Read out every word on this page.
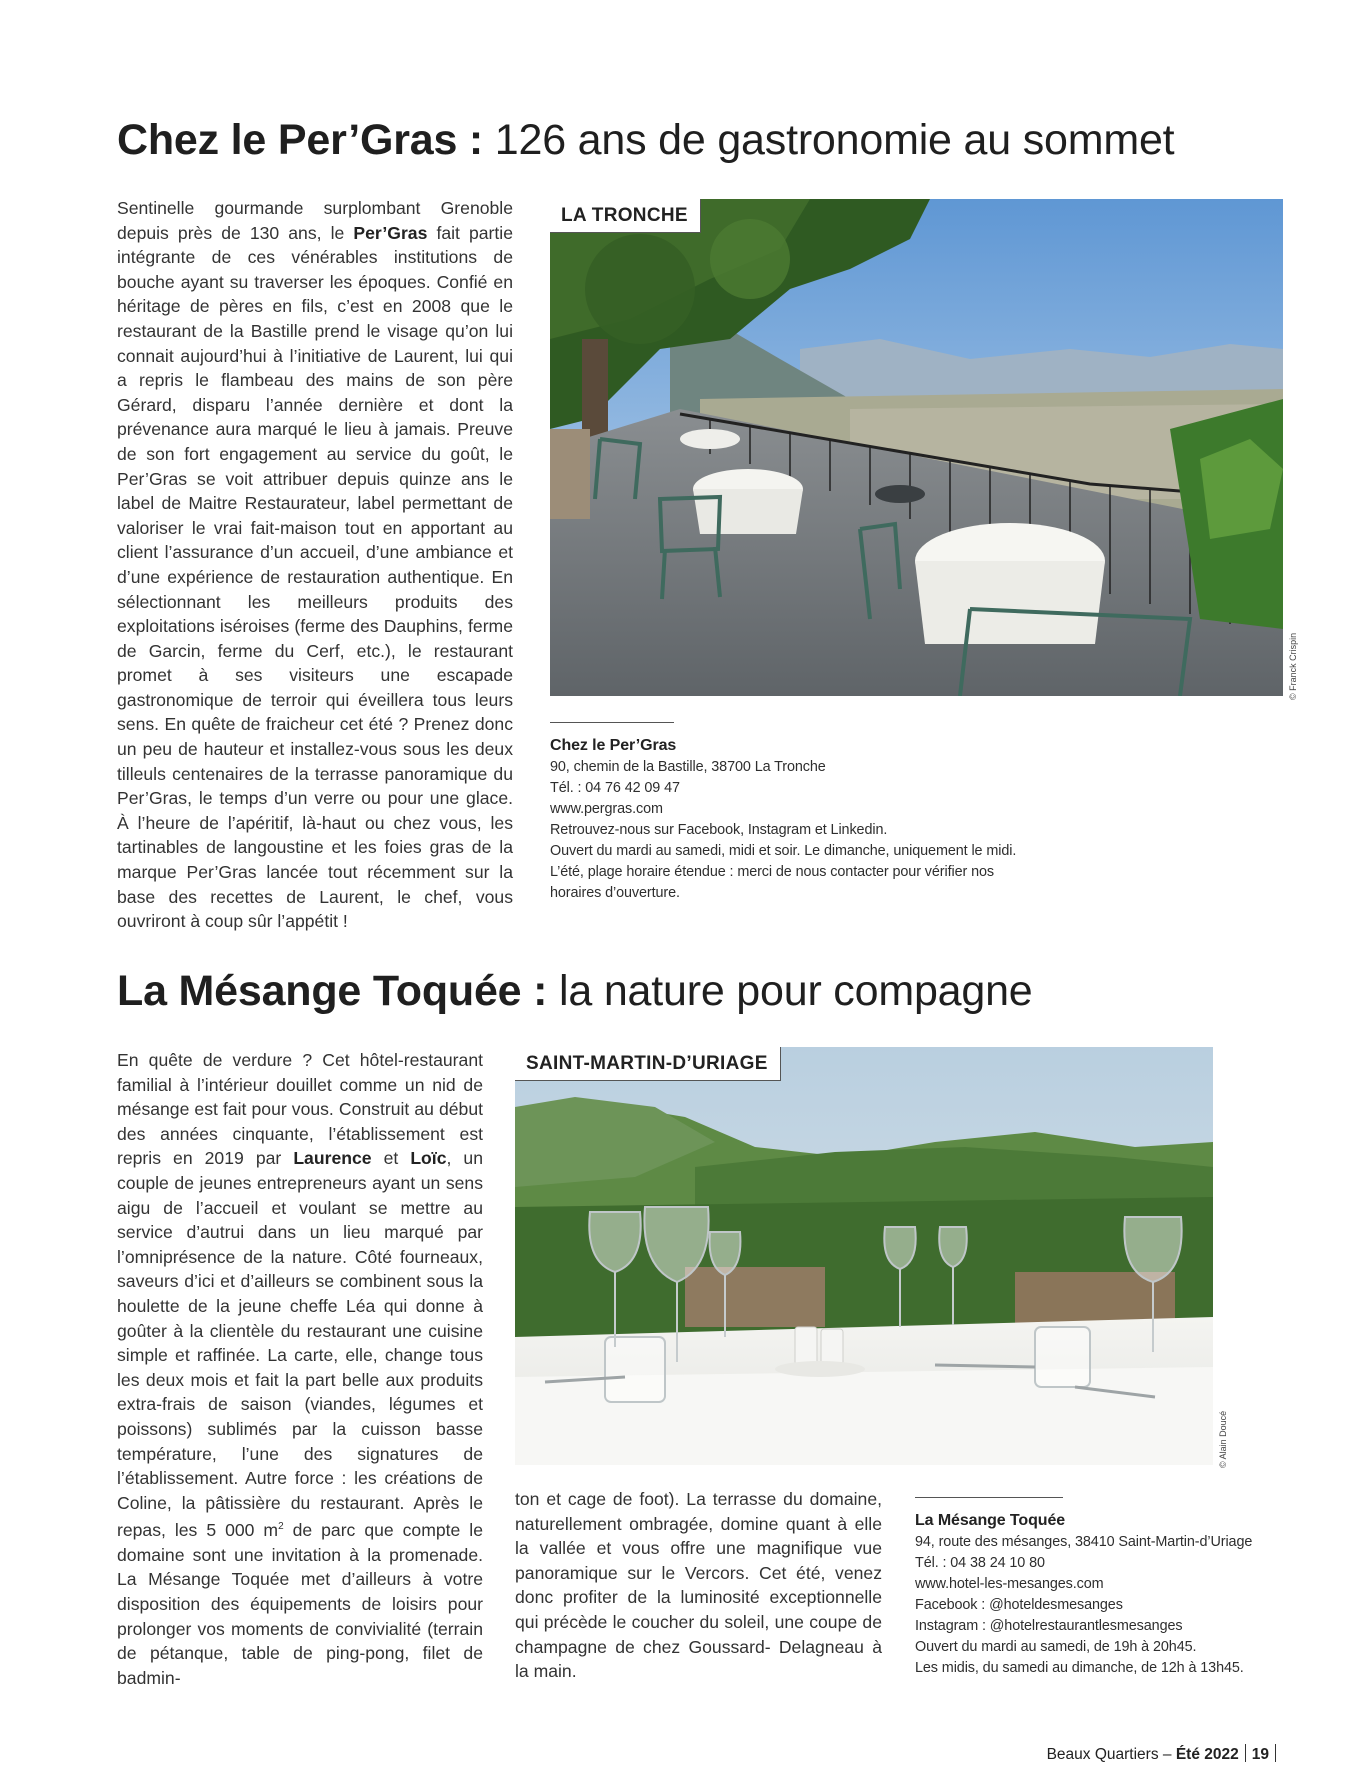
Chez le Per’Gras : 126 ans de gastronomie au sommet

Sentinelle gourmande surplombant Grenoble depuis près de 130 ans, le Per’Gras fait partie intégrante de ces vénérables institutions de bouche ayant su traverser les époques. Confié en héritage de pères en fils, c’est en 2008 que le restaurant de la Bastille prend le visage qu’on lui connait aujourd’hui à l’initiative de Laurent, lui qui a repris le flambeau des mains de son père Gérard, disparu l’année dernière et dont la prévenance aura marqué le lieu à jamais. Preuve de son fort engagement au service du goût, le Per’Gras se voit attribuer depuis quinze ans le label de Maitre Restaurateur, label permettant de valoriser le vrai fait-maison tout en apportant au client l’assurance d’un accueil, d’une ambiance et d’une expérience de restauration authentique. En sélectionnant les meilleurs produits des exploitations iséroises (ferme des Dauphins, ferme de Garcin, ferme du Cerf, etc.), le restaurant promet à ses visiteurs une escapade gastronomique de terroir qui éveillera tous leurs sens. En quête de fraicheur cet été ? Prenez donc un peu de hauteur et installez-vous sous les deux tilleuls centenaires de la terrasse panoramique du Per’Gras, le temps d’un verre ou pour une glace. À l’heure de l’apéritif, là-haut ou chez vous, les tartinables de langoustine et les foies gras de la marque Per’Gras lancée tout récemment sur la base des recettes de Laurent, le chef, vous ouvriront à coup sûr l’appétit !

LA TRONCHE
© Franck Crispin
Chez le Per’Gras
90, chemin de la Bastille, 38700 La Tronche
Tél. : 04 76 42 09 47
www.pergras.com
Retrouvez-nous sur Facebook, Instagram et Linkedin.
Ouvert du mardi au samedi, midi et soir. Le dimanche, uniquement le midi.
L’été, plage horaire étendue : merci de nous contacter pour vérifier nos
horaires d’ouverture.
La Mésange Toquée : la nature pour compagne

En quête de verdure ? Cet hôtel-restaurant familial à l’intérieur douillet comme un nid de mésange est fait pour vous. Construit au début des années cinquante, l’établissement est repris en 2019 par Laurence et Loïc, un couple de jeunes entrepreneurs ayant un sens aigu de l’accueil et voulant se mettre au service d’autrui dans un lieu marqué par l’omniprésence de la nature. Côté fourneaux, saveurs d’ici et d’ailleurs se combinent sous la houlette de la jeune cheffe Léa qui donne à goûter à la clientèle du restaurant une cuisine simple et raffinée. La carte, elle, change tous les deux mois et fait la part belle aux produits extra-frais de saison (viandes, légumes et poissons) sublimés par la cuisson basse température, l’une des signatures de l’établissement. Autre force : les créations de Coline, la pâtissière du restaurant. Après le repas, les 5 000 $m^2$ de parc que compte le domaine sont une invitation à la promenade. La Mésange Toquée met d’ailleurs à votre disposition des équipements de loisirs pour prolonger vos moments de convivialité (terrain de pétanque, table de ping-pong, filet de badmin-

SAINT-MARTIN-D’URIAGE
© Alain Doucé

ton et cage de foot). La terrasse du domaine, naturellement ombragée, domine quant à elle la vallée et vous offre une magnifique vue panoramique sur le Vercors. Cet été, venez donc profiter de la luminosité exceptionnelle qui précède le coucher du soleil, une coupe de champagne de chez Goussard- Delagneau à la main.

La Mésange Toquée
94, route des mésanges, 38410 Saint-Martin-d’Uriage
Tél. : 04 38 24 10 80
www.hotel-les-mesanges.com
Facebook : @hoteldesmesanges
Instagram : @hotelrestaurantlesmesanges
Ouvert du mardi au samedi, de 19h à 20h45.
Les midis, du samedi au dimanche, de 12h à 13h45.
Beaux Quartiers – Été 2022 19
